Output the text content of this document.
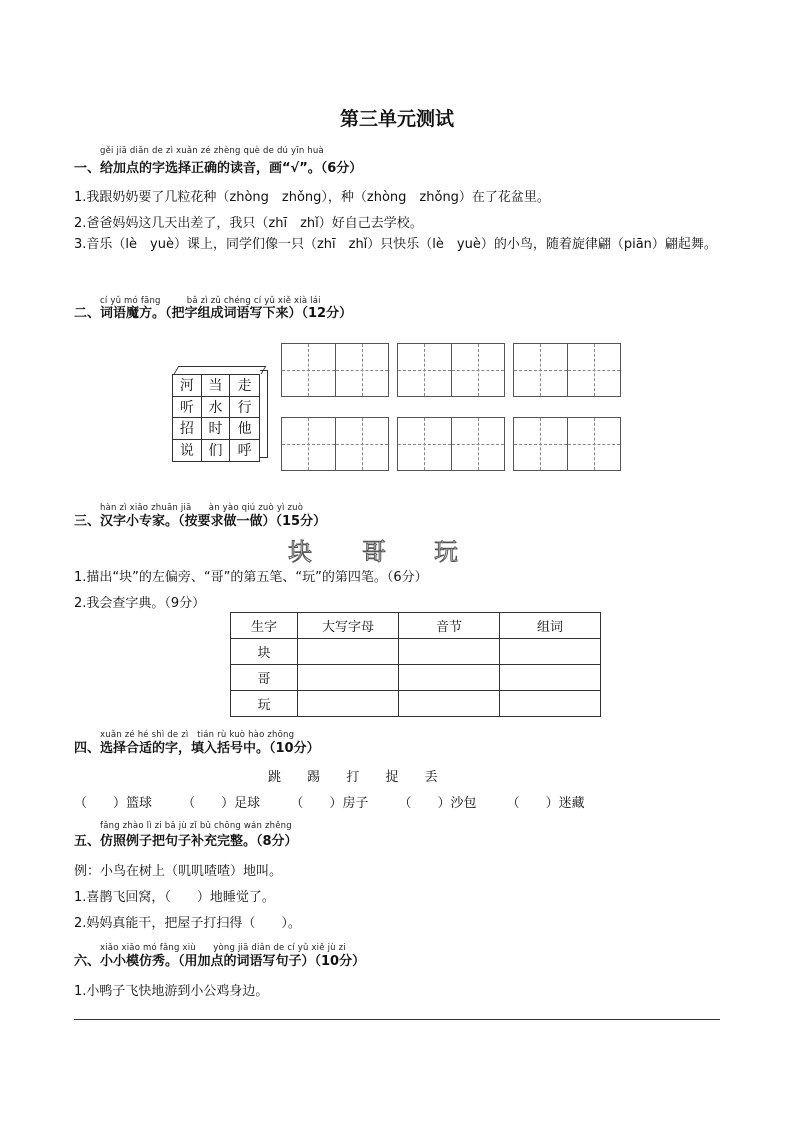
第三单元测试
gěi jiā diǎn de zì xuǎn zé zhèng què de dú yīn huà
一、给加点的字选择正确的读音，画“√”。（6分）
1.我跟奶奶要了几粒花种（zhòng　zhǒng），种（zhòng　zhǒng）在了花盆里。
2.爸爸妈妈这几天出差了，我只（zhī　zhǐ）好自己去学校。
3.音乐（lè　yuè）课上，同学们像一只（zhī　zhǐ）只快乐（lè　yuè）的小鸟，随着旋律翩（piān）翩起舞。
cí yǔ mó fāng　　　bǎ zì zǔ chéng cí yǔ xiě xià lái
二、词语魔方。（把字组成词语写下来）（12分）
河	当	走
听	水	行
招	时	他
说	们	呼
hàn zì xiǎo zhuān jiā　　àn yào qiú zuò yì zuò
三、汉字小专家。（按要求做一做）（15分）
块 哥 玩
1.描出“块”的左偏旁、“哥”的第五笔、“玩”的第四笔。（6分）
2.我会查字典。（9分）
生字	大写字母	音节	组词
块			
哥			
玩			
xuǎn zé hé shì de zì　tián rù kuò hào zhōng
四、选择合适的字，填入括号中。（10分）
跳 踢 打 捉 丢
（　　）篮球 （　　）足球 （　　）房子 （　　）沙包 （　　）迷藏
fǎng zhào lì zi bǎ jù zǐ bǔ chōng wán zhěng
五、仿照例子把句子补充完整。（8分）
例：小鸟在树上（叽叽喳喳）地叫。
1.喜鹊飞回窝，（　　）地睡觉了。
2.妈妈真能干，把屋子打扫得（　　）。
xiǎo xiǎo mó fǎng xiù　　yòng jiā diǎn de cí yǔ xiě jù zi
六、小小模仿秀。（用加点的词语写句子）（10分）
1.小鸭子飞快地游到小公鸡身边。
